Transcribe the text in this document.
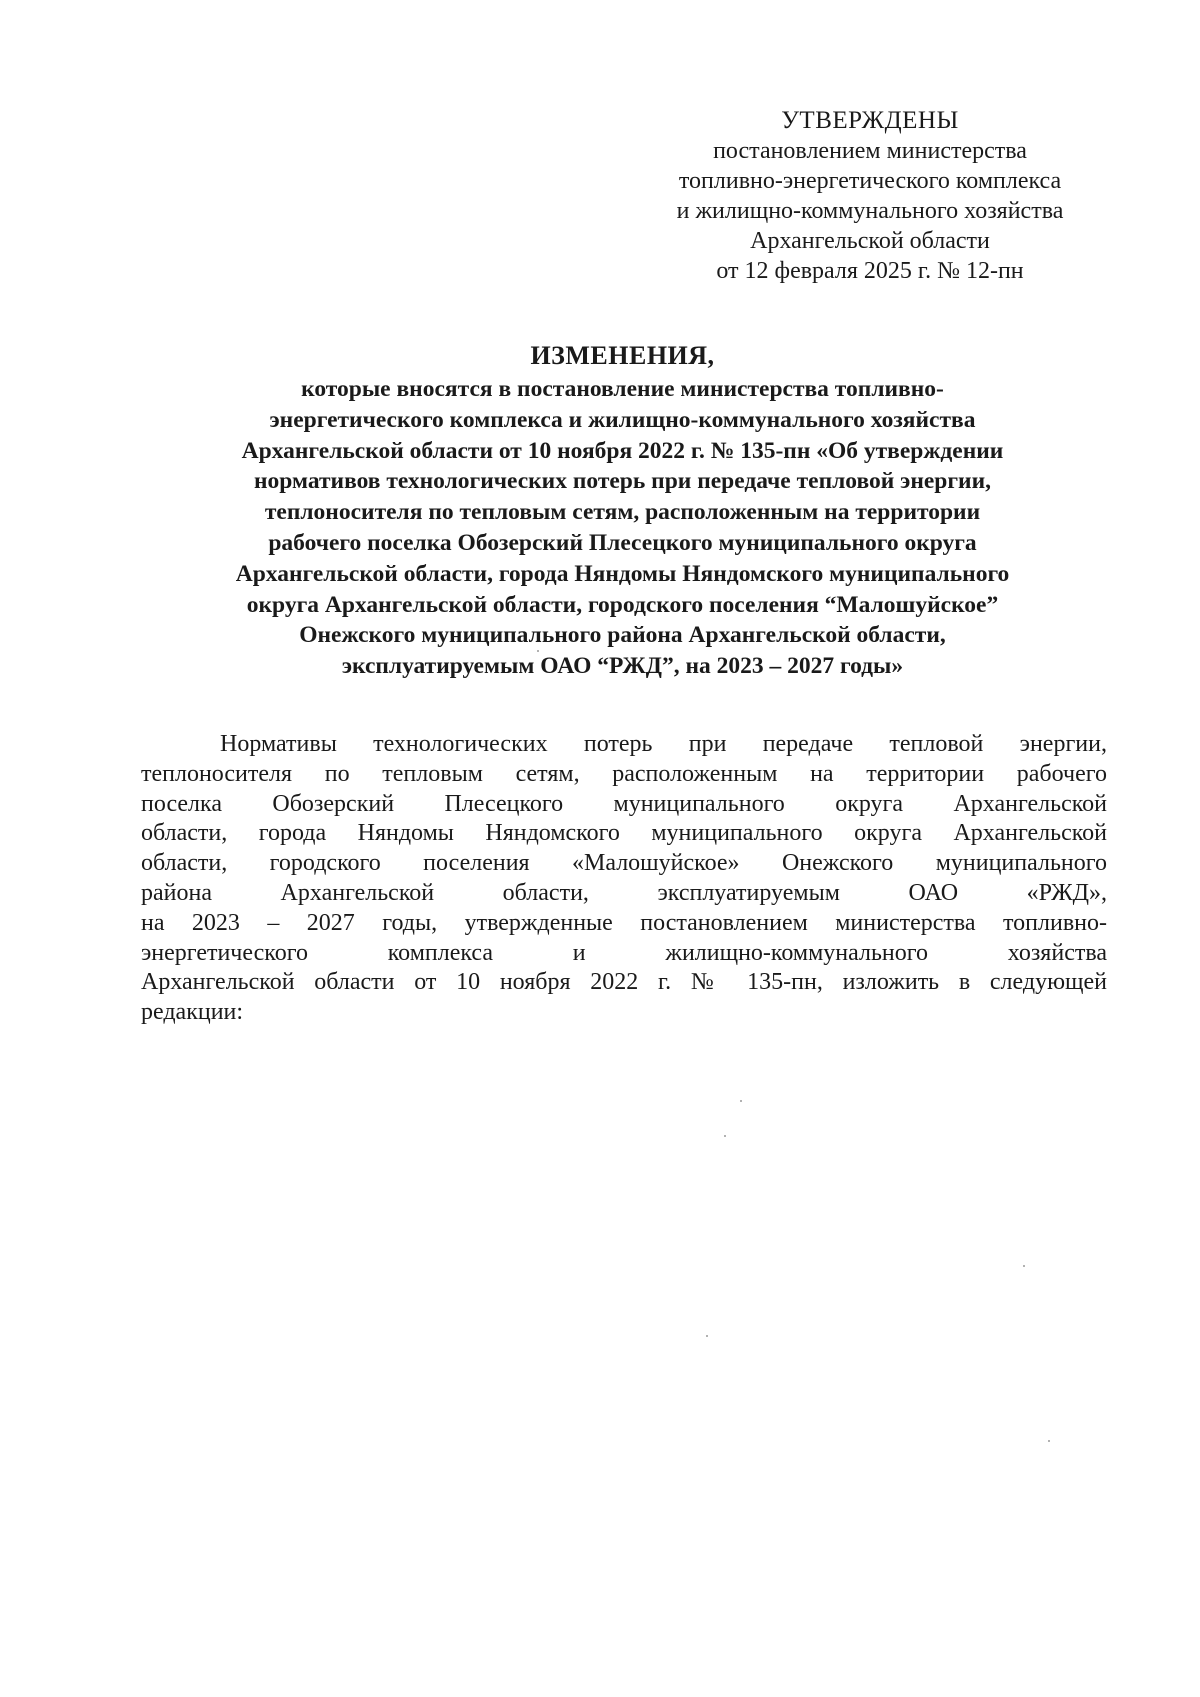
УТВЕРЖДЕНЫ
постановлением министерства
топливно-энергетического комплекса
и жилищно-коммунального хозяйства
Архангельской области
от 12 февраля 2025 г. № 12-пн
ИЗМЕНЕНИЯ,
которые вносятся в постановление министерства топливно-
энергетического комплекса и жилищно-коммунального хозяйства
Архангельской области от 10 ноября 2022 г. № 135-пн «Об утверждении
нормативов технологических потерь при передаче тепловой энергии,
теплоносителя по тепловым сетям, расположенным на территории
рабочего поселка Обозерский Плесецкого муниципального округа
Архангельской области, города Няндомы Няндомского муниципального
округа Архангельской области, городского поселения “Малошуйское”
Онежского муниципального района Архангельской области,
эксплуатируемым ОАО “РЖД”, на 2023 – 2027 годы»
Нормативы технологических потерь при передаче тепловой энергии,
теплоносителя по тепловым сетям, расположенным на территории рабочего
поселка Обозерский Плесецкого муниципального округа Архангельской
области, города Няндомы Няндомского муниципального округа Архангельской
области, городского поселения «Малошуйское» Онежского муниципального
района Архангельской области, эксплуатируемым ОАО «РЖД»,
на 2023 – 2027 годы, утвержденные постановлением министерства топливно-
энергетического комплекса и жилищно-коммунального хозяйства
Архангельской области от 10 ноября 2022 г. № 135-пн, изложить в следующей
редакции:
